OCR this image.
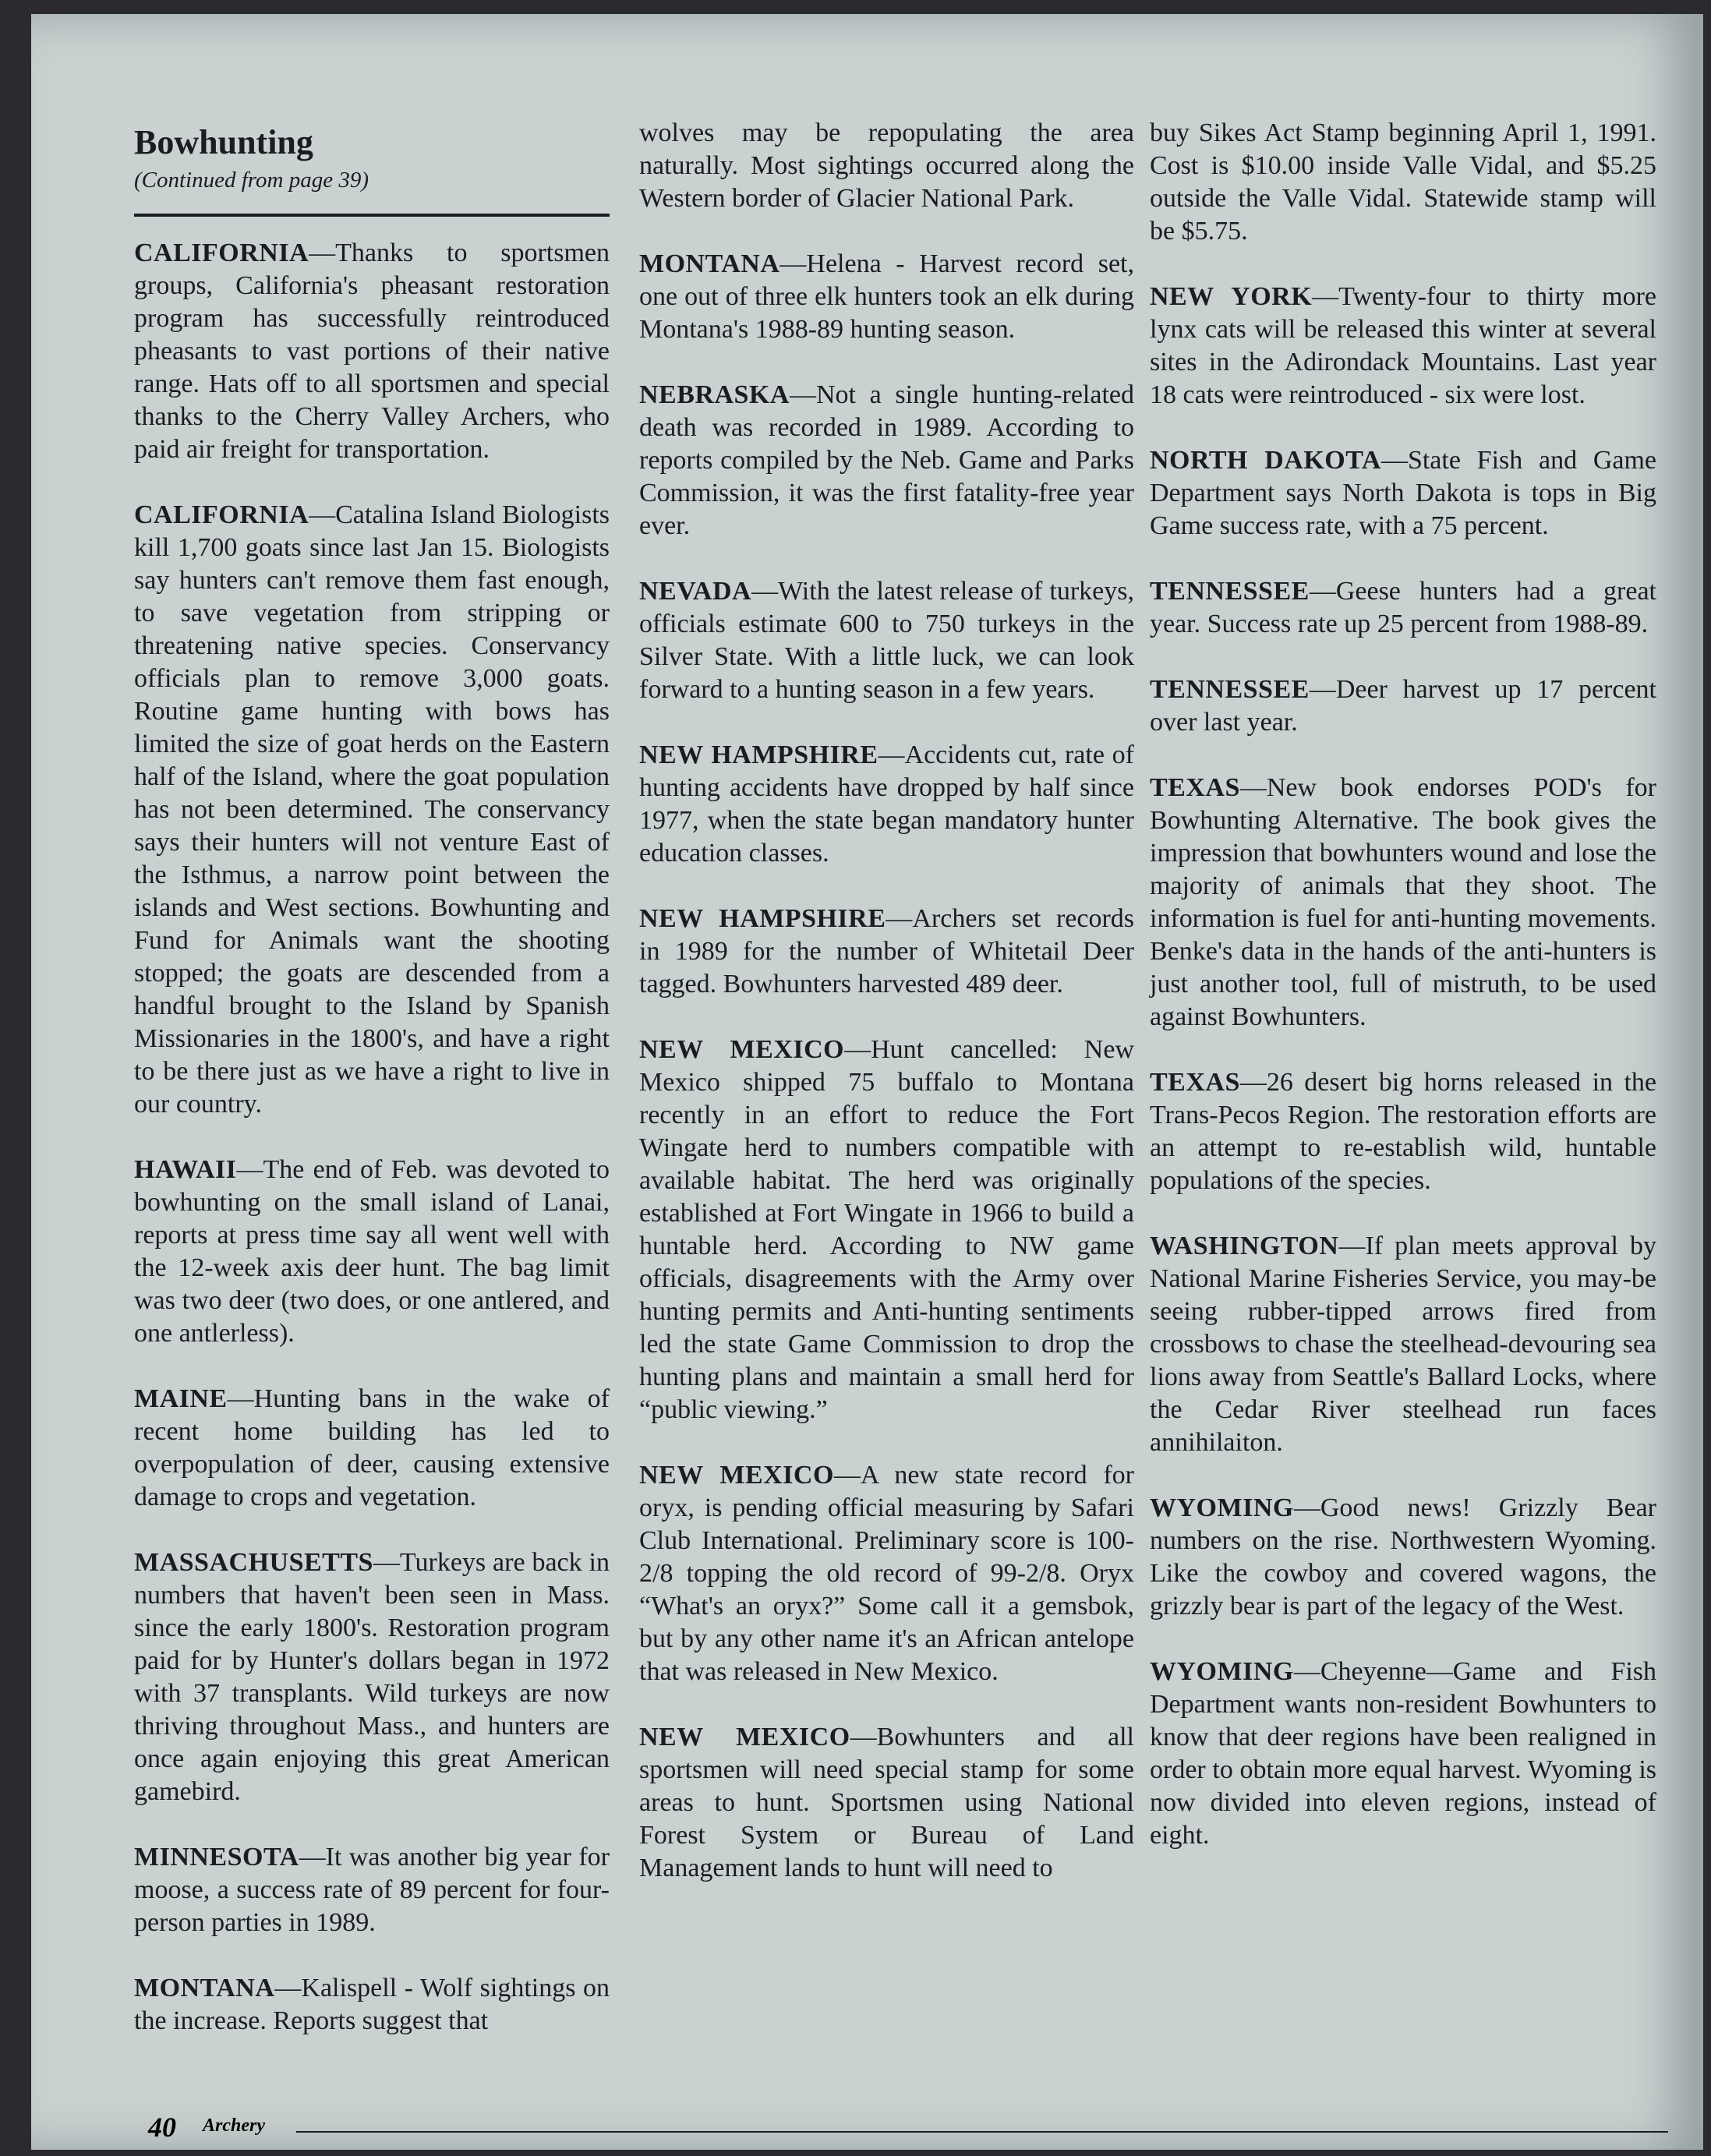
Bowhunting
(Continued from page 39)

CALIFORNIA—Thanks to sportsmen groups, California's pheasant restoration program has successfully reintroduced pheasants to vast portions of their native range. Hats off to all sportsmen and special thanks to the Cherry Valley Archers, who paid air freight for transportation.

CALIFORNIA—Catalina Island Biologists kill 1,700 goats since last Jan 15. Biologists say hunters can't remove them fast enough, to save vegetation from stripping or threatening native species. Conservancy officials plan to remove 3,000 goats. Routine game hunting with bows has limited the size of goat herds on the Eastern half of the Island, where the goat population has not been determined. The conservancy says their hunters will not venture East of the Isthmus, a narrow point between the islands and West sections. Bowhunting and Fund for Animals want the shooting stopped; the goats are descended from a handful brought to the Island by Spanish Missionaries in the 1800's, and have a right to be there just as we have a right to live in our country.

HAWAII—The end of Feb. was devoted to bowhunting on the small island of Lanai, reports at press time say all went well with the 12-week axis deer hunt. The bag limit was two deer (two does, or one antlered, and one antlerless).

MAINE—Hunting bans in the wake of recent home building has led to overpopulation of deer, causing extensive damage to crops and vegetation.

MASSACHUSETTS—Turkeys are back in numbers that haven't been seen in Mass. since the early 1800's. Restoration program paid for by Hunter's dollars began in 1972 with 37 transplants. Wild turkeys are now thriving throughout Mass., and hunters are once again enjoying this great American gamebird.

MINNESOTA—It was another big year for moose, a success rate of 89 percent for four-person parties in 1989.

MONTANA—Kalispell - Wolf sightings on the increase. Reports suggest that

wolves may be repopulating the area naturally. Most sightings occurred along the Western border of Glacier National Park.

MONTANA—Helena - Harvest record set, one out of three elk hunters took an elk during Montana's 1988-89 hunting season.

NEBRASKA—Not a single hunting-related death was recorded in 1989. According to reports compiled by the Neb. Game and Parks Commission, it was the first fatality-free year ever.

NEVADA—With the latest release of turkeys, officials estimate 600 to 750 turkeys in the Silver State. With a little luck, we can look forward to a hunting season in a few years.

NEW HAMPSHIRE—Accidents cut, rate of hunting accidents have dropped by half since 1977, when the state began mandatory hunter education classes.

NEW HAMPSHIRE—Archers set records in 1989 for the number of Whitetail Deer tagged. Bowhunters harvested 489 deer.

NEW MEXICO—Hunt cancelled: New Mexico shipped 75 buffalo to Montana recently in an effort to reduce the Fort Wingate herd to numbers compatible with available habitat. The herd was originally established at Fort Wingate in 1966 to build a huntable herd. According to NW game officials, disagreements with the Army over hunting permits and Anti-hunting sentiments led the state Game Commission to drop the hunting plans and maintain a small herd for “public viewing.”

NEW MEXICO—A new state record for oryx, is pending official measuring by Safari Club International. Preliminary score is 100-2/8 topping the old record of 99-2/8. Oryx “What's an oryx?” Some call it a gemsbok, but by any other name it's an African antelope that was released in New Mexico.

NEW MEXICO—Bowhunters and all sportsmen will need special stamp for some areas to hunt. Sportsmen using National Forest System or Bureau of Land Management lands to hunt will need to

buy Sikes Act Stamp beginning April 1, 1991. Cost is $10.00 inside Valle Vidal, and $5.25 outside the Valle Vidal. Statewide stamp will be $5.75.

NEW YORK—Twenty-four to thirty more lynx cats will be released this winter at several sites in the Adirondack Mountains. Last year 18 cats were reintroduced - six were lost.

NORTH DAKOTA—State Fish and Game Department says North Dakota is tops in Big Game success rate, with a 75 percent.

TENNESSEE—Geese hunters had a great year. Success rate up 25 percent from 1988-89.

TENNESSEE—Deer harvest up 17 percent over last year.

TEXAS—New book endorses POD's for Bowhunting Alternative. The book gives the impression that bowhunters wound and lose the majority of animals that they shoot. The information is fuel for anti-hunting movements. Benke's data in the hands of the anti-hunters is just another tool, full of mistruth, to be used against Bowhunters.

TEXAS—26 desert big horns released in the Trans-Pecos Region. The restoration efforts are an attempt to re-establish wild, huntable populations of the species.

WASHINGTON—If plan meets approval by National Marine Fisheries Service, you may-be seeing rubber-tipped arrows fired from crossbows to chase the steelhead-devouring sea lions away from Seattle's Ballard Locks, where the Cedar River steelhead run faces annihilaiton.

WYOMING—Good news! Grizzly Bear numbers on the rise. Northwestern Wyoming. Like the cowboy and covered wagons, the grizzly bear is part of the legacy of the West.

WYOMING—Cheyenne—Game and Fish Department wants non-resident Bowhunters to know that deer regions have been realigned in order to obtain more equal harvest. Wyoming is now divided into eleven regions, instead of eight.

40 Archery
